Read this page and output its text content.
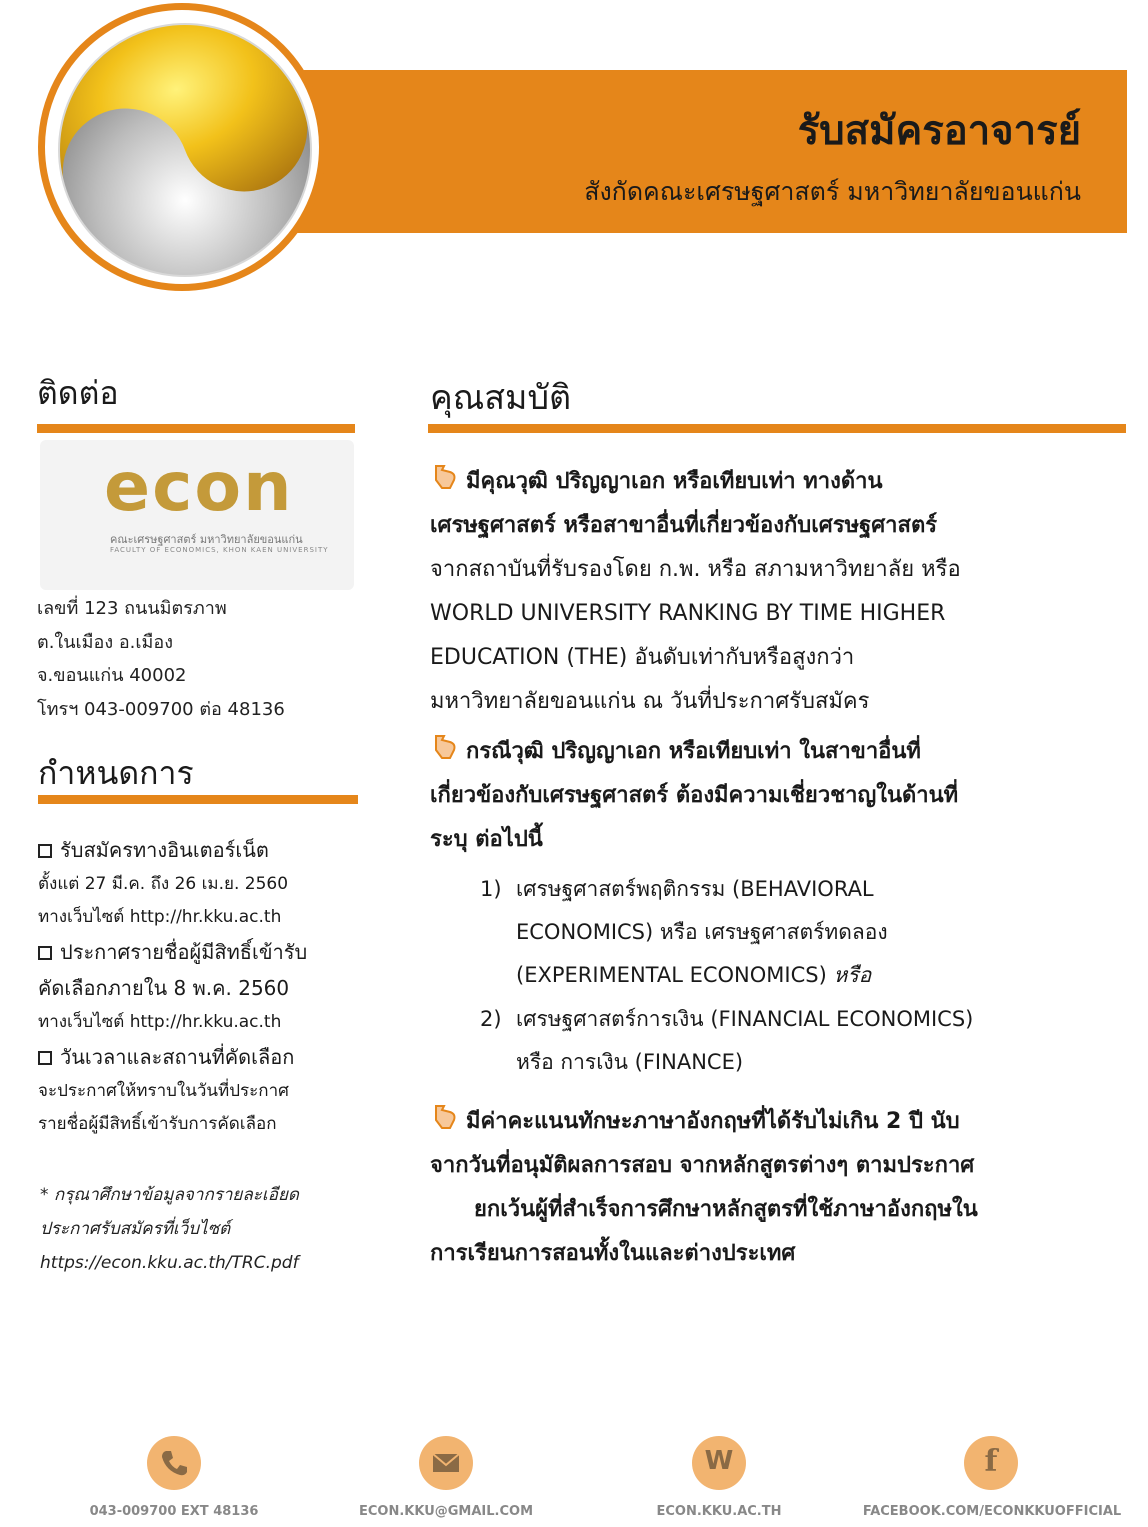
รับสมัครอาจารย์
สังกัดคณะเศรษฐศาสตร์ มหาวิทยาลัยขอนแก่น
ติดต่อ
econ
คณะเศรษฐศาสตร์ มหาวิทยาลัยขอนแก่น
FACULTY OF ECONOMICS, KHON KAEN UNIVERSITY
เลขที่ 123 ถนนมิตรภาพ
ต.ในเมือง อ.เมือง
จ.ขอนแก่น 40002
โทรฯ 043-009700 ต่อ 48136
กำหนดการ
รับสมัครทางอินเตอร์เน็ต
ตั้งแต่ 27 มี.ค. ถึง 26 เม.ย. 2560
ทางเว็บไซต์ http://hr.kku.ac.th
ประกาศรายชื่อผู้มีสิทธิ์เข้ารับ
คัดเลือกภายใน 8 พ.ค. 2560
ทางเว็บไซต์ http://hr.kku.ac.th
วันเวลาและสถานที่คัดเลือก
จะประกาศให้ทราบในวันที่ประกาศ
รายชื่อผู้มีสิทธิ์เข้ารับการคัดเลือก
* กรุณาศึกษาข้อมูลจากรายละเอียด
ประกาศรับสมัครที่เว็บไซต์
https://econ.kku.ac.th/TRC.pdf
คุณสมบัติ
มีคุณวุฒิ ปริญญาเอก หรือเทียบเท่า ทางด้าน
เศรษฐศาสตร์ หรือสาขาอื่นที่เกี่ยวข้องกับเศรษฐศาสตร์
จากสถาบันที่รับรองโดย ก.พ. หรือ สภามหาวิทยาลัย หรือ
WORLD UNIVERSITY RANKING BY TIME HIGHER
EDUCATION (THE) อันดับเท่ากับหรือสูงกว่า
มหาวิทยาลัยขอนแก่น ณ วันที่ประกาศรับสมัคร
กรณีวุฒิ ปริญญาเอก หรือเทียบเท่า ในสาขาอื่นที่
เกี่ยวข้องกับเศรษฐศาสตร์ ต้องมีความเชี่ยวชาญในด้านที่
ระบุ ต่อไปนี้
1) เศรษฐศาสตร์พฤติกรรม (BEHAVIORAL
ECONOMICS) หรือ เศรษฐศาสตร์ทดลอง
(EXPERIMENTAL ECONOMICS) หรือ
2) เศรษฐศาสตร์การเงิน (FINANCIAL ECONOMICS)
หรือ การเงิน (FINANCE)
มีค่าคะแนนทักษะภาษาอังกฤษที่ได้รับไม่เกิน 2 ปี นับ
จากวันที่อนุมัติผลการสอบ จากหลักสูตรต่างๆ ตามประกาศ
ยกเว้นผู้ที่สำเร็จการศึกษาหลักสูตรที่ใช้ภาษาอังกฤษใน
การเรียนการสอนทั้งในและต่างประเทศ
043-009700 EXT 48136	ECON.KKU@GMAIL.COM
W
ECON.KKU.AC.TH
f
FACEBOOK.COM/ECONKKUOFFICIAL
